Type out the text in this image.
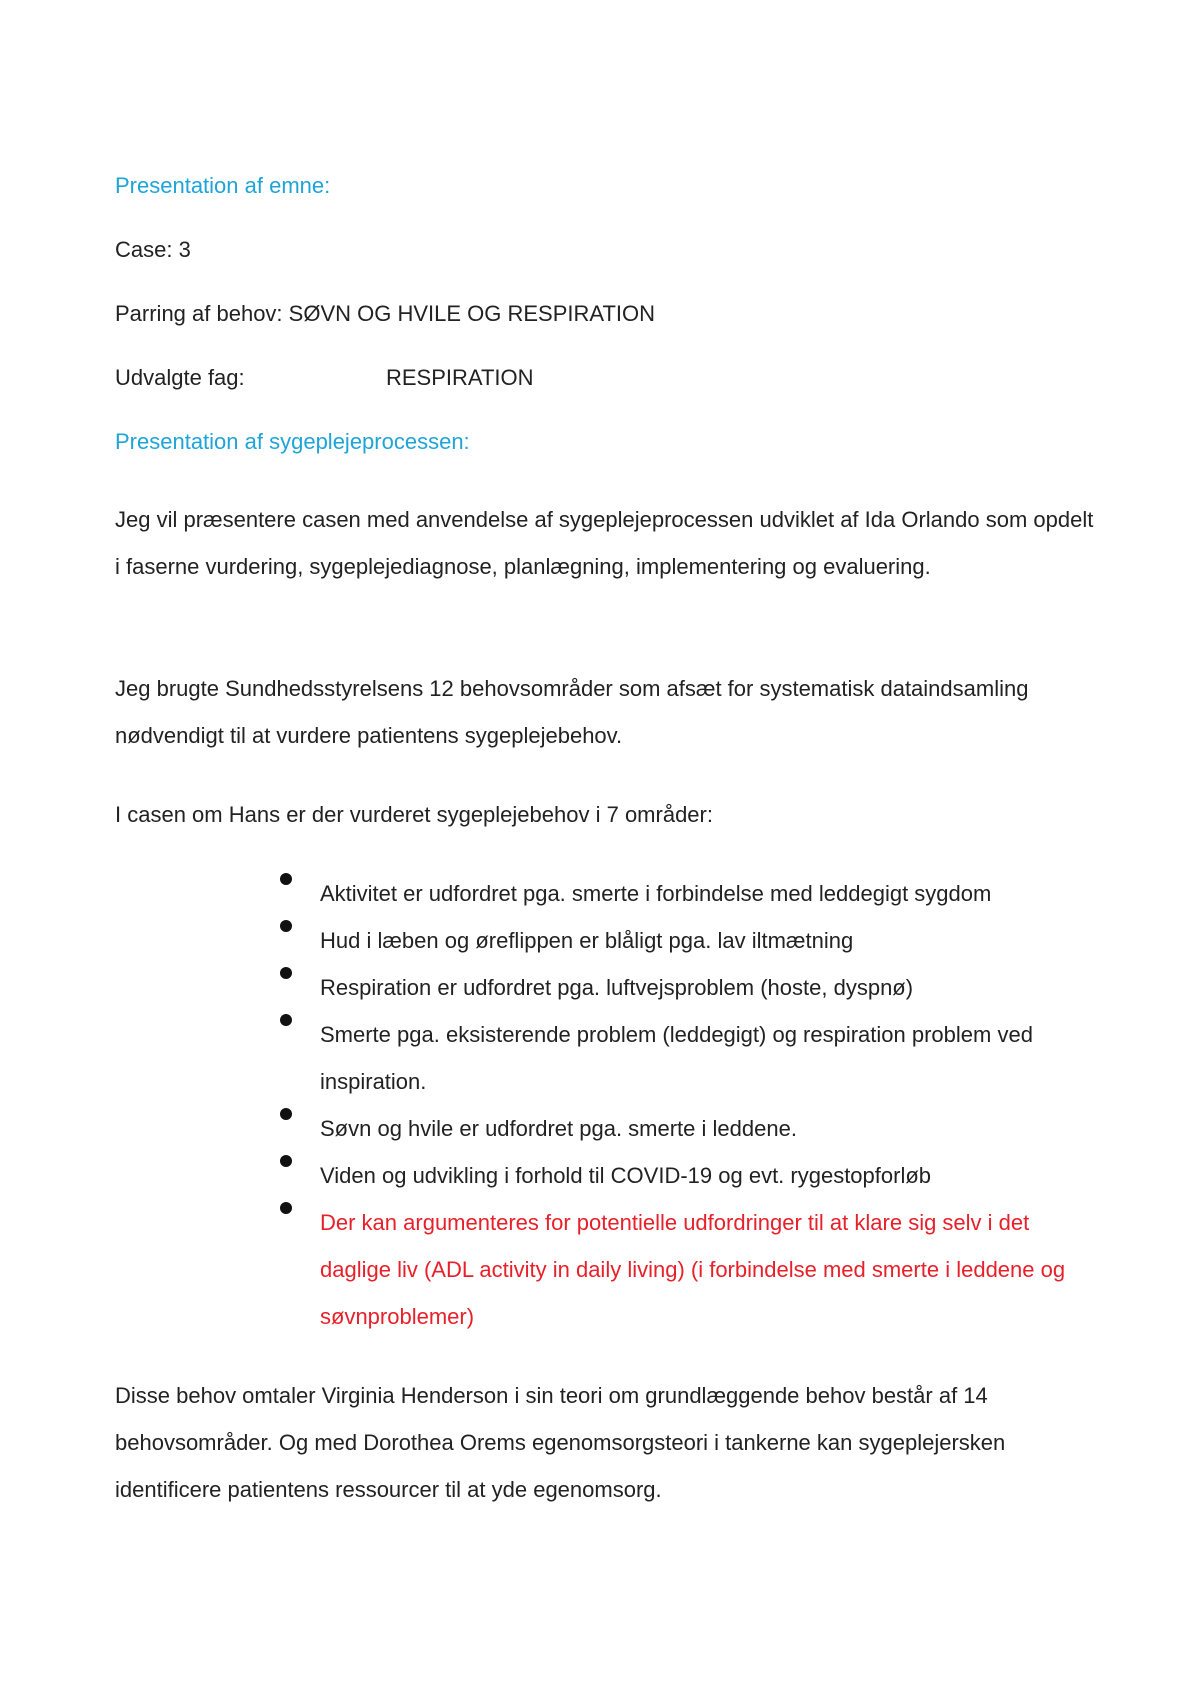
Presentation af emne:

Case: 3

Parring af behov: SØVN OG HVILE OG RESPIRATION

Udvalgte fag:	RESPIRATION

Presentation af sygeplejeprocessen:

Jeg vil præsentere casen med anvendelse af sygeplejeprocessen udviklet af Ida Orlando som opdelt i faserne vurdering, sygeplejediagnose, planlægning, implementering og evaluering.

Jeg brugte Sundhedsstyrelsens 12 behovsområder som afsæt for systematisk dataindsamling nødvendigt til at vurdere patientens sygeplejebehov.

I casen om Hans er der vurderet sygeplejebehov i 7 områder:

Aktivitet er udfordret pga. smerte i forbindelse med leddegigt sygdom
Hud i læben og øreflippen er blåligt pga. lav iltmætning
Respiration er udfordret pga. luftvejsproblem (hoste, dyspnø)
Smerte pga. eksisterende problem (leddegigt) og respiration problem ved inspiration.
Søvn og hvile er udfordret pga. smerte i leddene.
Viden og udvikling i forhold til COVID-19 og evt. rygestopforløb
Der kan argumenteres for potentielle udfordringer til at klare sig selv i det daglige liv (ADL activity in daily living) (i forbindelse med smerte i leddene og søvnproblemer)

Disse behov omtaler Virginia Henderson i sin teori om grundlæggende behov består af 14 behovsområder. Og med Dorothea Orems egenomsorgsteori i tankerne kan sygeplejersken identificere patientens ressourcer til at yde egenomsorg.
